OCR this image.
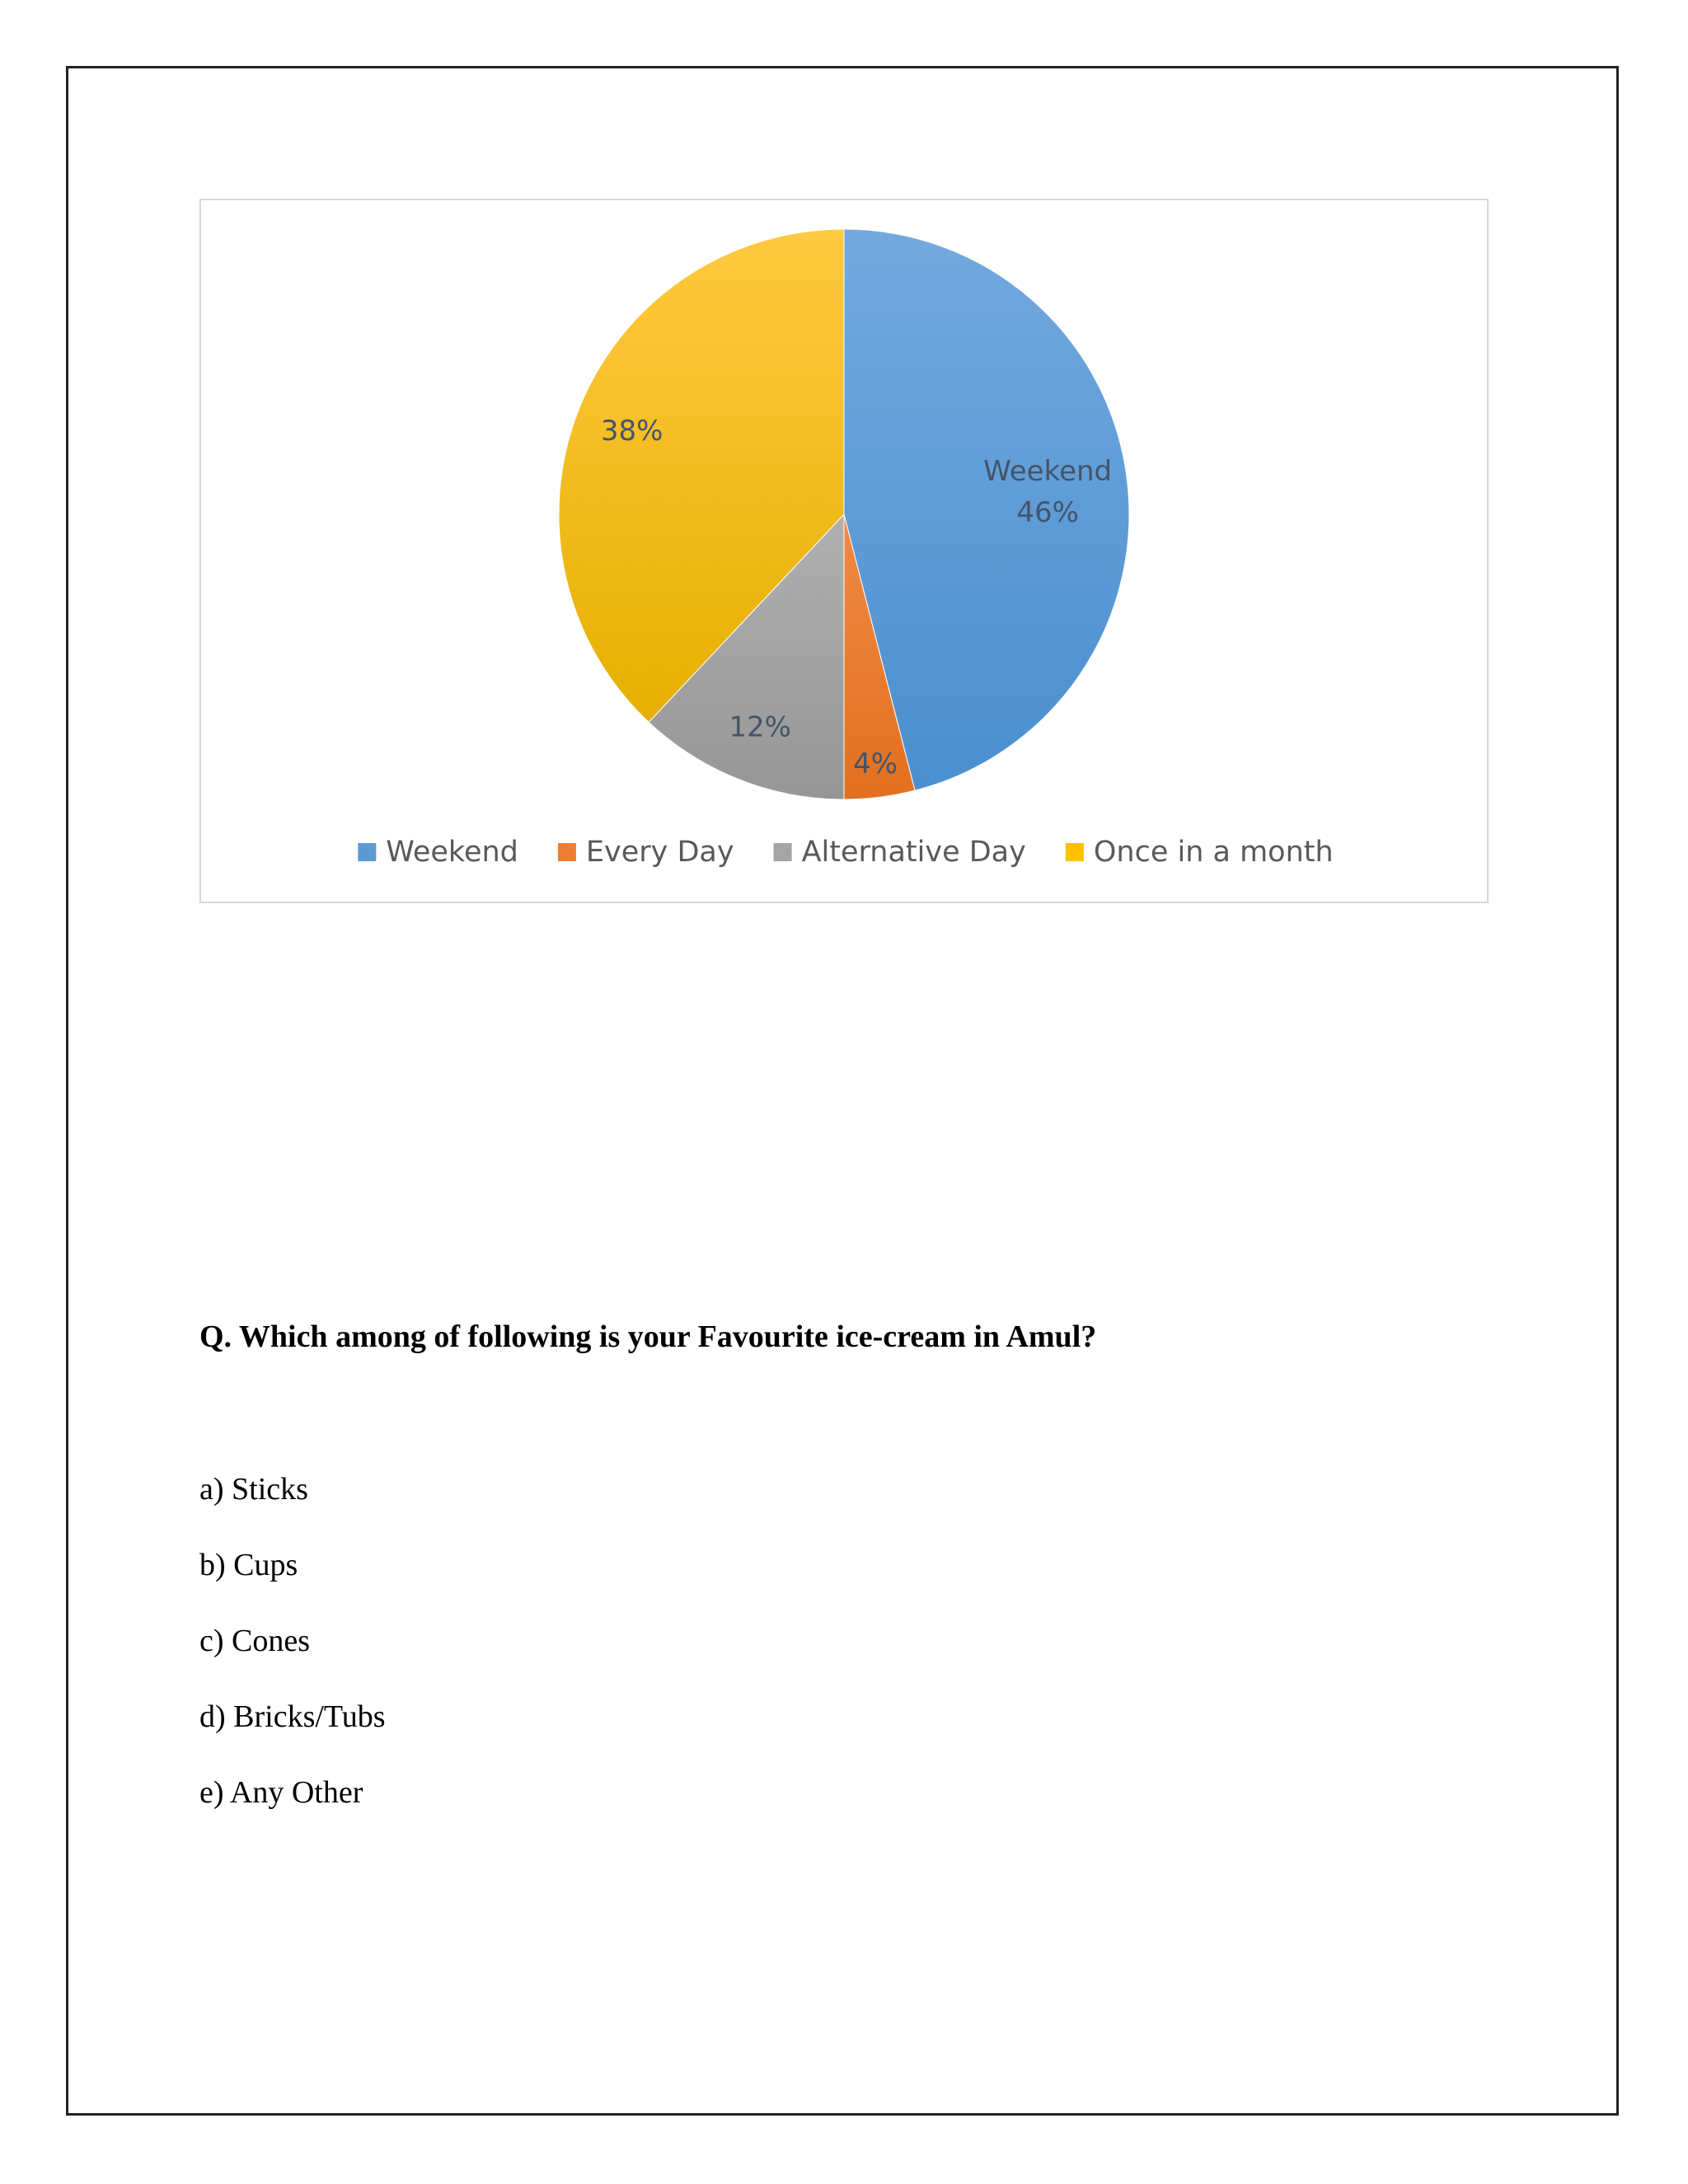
Weekend
46%
4%
12%
38%
Weekend Every Day Alternative Day Once in a month
Q. Which among of following is your Favourite ice-cream in Amul?
a) Sticks
b) Cups
c) Cones
d) Bricks/Tubs
e) Any Other
